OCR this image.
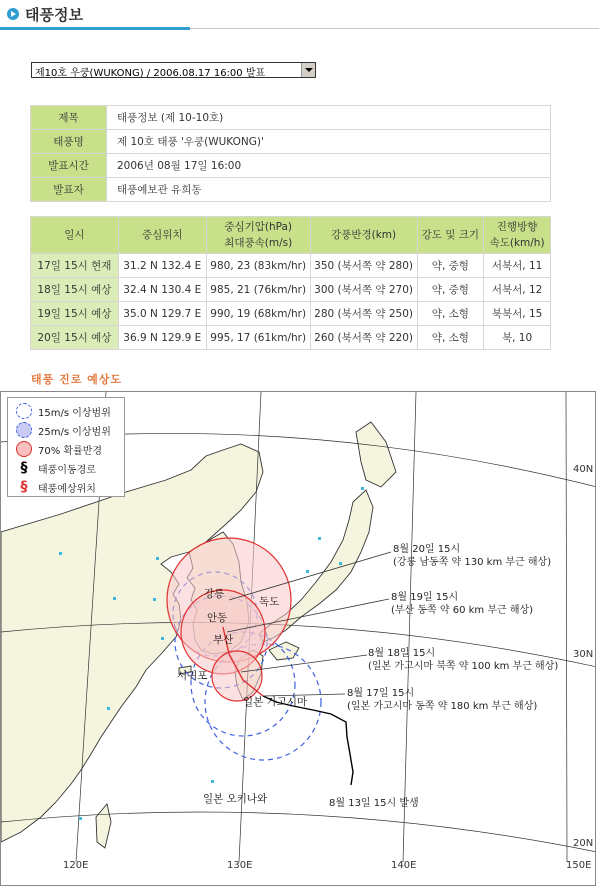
태풍정보
제10호 우쿵(WUKONG) / 2006.08.17 16:00 발표
제목	태풍정보 (제 10-10호)
태풍명	제 10호 태풍 '우쿵(WUKONG)'
발표시간	2006년 08월 17일 16:00
발표자	태풍예보관 유희동
일시	중심위치	중심기압(hPa)
최대풍속(m/s)	강풍반경(km)	강도 및 크기	진행방향
속도(km/h)
17일 15시 현재	31.2 N 132.4 E	980, 23 (83km/hr)	350 (북서쪽 약 280)	약, 중형	서북서, 11
18일 15시 예상	32.4 N 130.4 E	985, 21 (76km/hr)	300 (북서쪽 약 270)	약, 중형	서북서, 12
19일 15시 예상	35.0 N 129.7 E	990, 19 (68km/hr)	280 (북서쪽 약 250)	약, 소형	북북서, 15
20일 15시 예상	36.9 N 129.9 E	995, 17 (61km/hr)	260 (북서쪽 약 220)	약, 소형	북, 10
태풍 진로 예상도
15m/s 이상범위
25m/s 이상범위
70% 확률반경
§ 태풍이동경로
§ 태풍예상위치
8월 20일 15시
(강릉 남동쪽 약 130 km 부근 해상)
8월 19일 15시
(부산 동쪽 약 60 km 부근 해상)
8월 18일 15시
(일본 가고시마 북쪽 약 100 km 부근 해상)
8월 17일 15시
(일본 가고시마 동쪽 약 180 km 부근 해상)
8월 13일 15시 발생
강릉
독도
안동
부산
서귀포
일본 가고시마
일본 오키나와
120E	130E	140E	150E
40N
30N
20N
